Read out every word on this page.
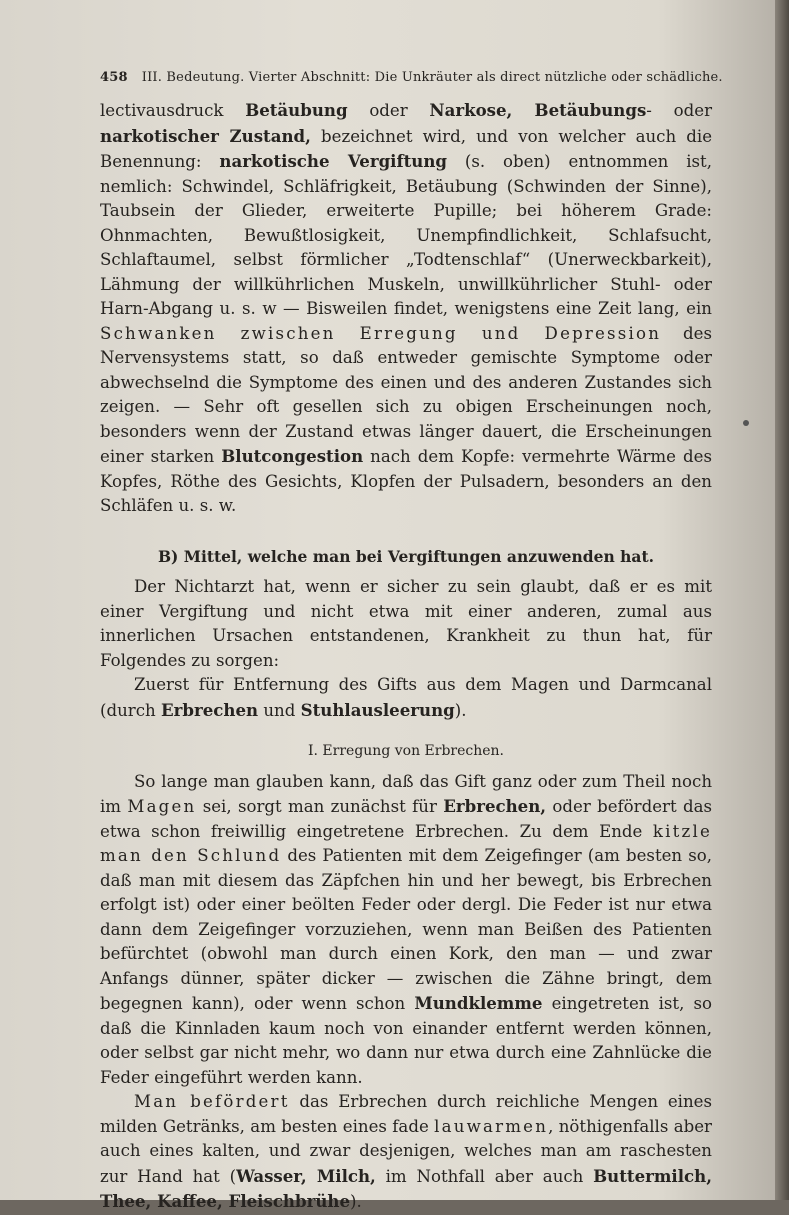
458 III. Bedeutung. Vierter Abschnitt: Die Unkräuter als direct nützliche oder schädliche.

lectivausdruck Betäubung oder Narkose, Betäubungs- oder narkotischer Zustand, bezeichnet wird, und von welcher auch die Benennung: narkotische Vergiftung (s. oben) entnommen ist, nemlich: Schwindel, Schläfrigkeit, Betäubung (Schwinden der Sinne), Taubsein der Glieder, erweiterte Pupille; bei höherem Grade: Ohnmachten, Bewußtlosigkeit, Unempfindlichkeit, Schlafsucht, Schlaftaumel, selbst förmlicher „Todtenschlaf“ (Unerweckbarkeit), Lähmung der willkührlichen Muskeln, unwillkührlicher Stuhl- oder Harn-Abgang u. s. w — Bisweilen findet, wenigstens eine Zeit lang, ein Schwanken zwischen Erregung und Depression des Nervensystems statt, so daß entweder gemischte Symptome oder abwechselnd die Symptome des einen und des anderen Zustandes sich zeigen. — Sehr oft gesellen sich zu obigen Erscheinungen noch, besonders wenn der Zustand etwas länger dauert, die Erscheinungen einer starken Blutcongestion nach dem Kopfe: vermehrte Wärme des Kopfes, Röthe des Gesichts, Klopfen der Pulsadern, besonders an den Schläfen u. s. w.

B) Mittel, welche man bei Vergiftungen anzuwenden hat.

Der Nichtarzt hat, wenn er sicher zu sein glaubt, daß er es mit einer Vergiftung und nicht etwa mit einer anderen, zumal aus innerlichen Ursachen entstandenen, Krankheit zu thun hat, für Folgendes zu sorgen:

Zuerst für Entfernung des Gifts aus dem Magen und Darmcanal (durch Erbrechen und Stuhlausleerung).

I. Erregung von Erbrechen.

So lange man glauben kann, daß das Gift ganz oder zum Theil noch im Magen sei, sorgt man zunächst für Erbrechen, oder befördert das etwa schon freiwillig eingetretene Erbrechen. Zu dem Ende kitzle man den Schlund des Patienten mit dem Zeigefinger (am besten so, daß man mit diesem das Zäpfchen hin und her bewegt, bis Erbrechen erfolgt ist) oder einer beölten Feder oder dergl. Die Feder ist nur etwa dann dem Zeigefinger vorzuziehen, wenn man Beißen des Patienten befürchtet (obwohl man durch einen Kork, den man — und zwar Anfangs dünner, später dicker — zwischen die Zähne bringt, dem begegnen kann), oder wenn schon Mundklemme eingetreten ist, so daß die Kinnladen kaum noch von einander entfernt werden können, oder selbst gar nicht mehr, wo dann nur etwa durch eine Zahnlücke die Feder eingeführt werden kann.

Man befördert das Erbrechen durch reichliche Mengen eines milden Getränks, am besten eines fade lauwarmen, nöthigenfalls aber auch eines kalten, und zwar desjenigen, welches man am raschesten zur Hand hat (Wasser, Milch, im Nothfall aber auch Buttermilch, Thee, Kaffee, Fleischbrühe).
